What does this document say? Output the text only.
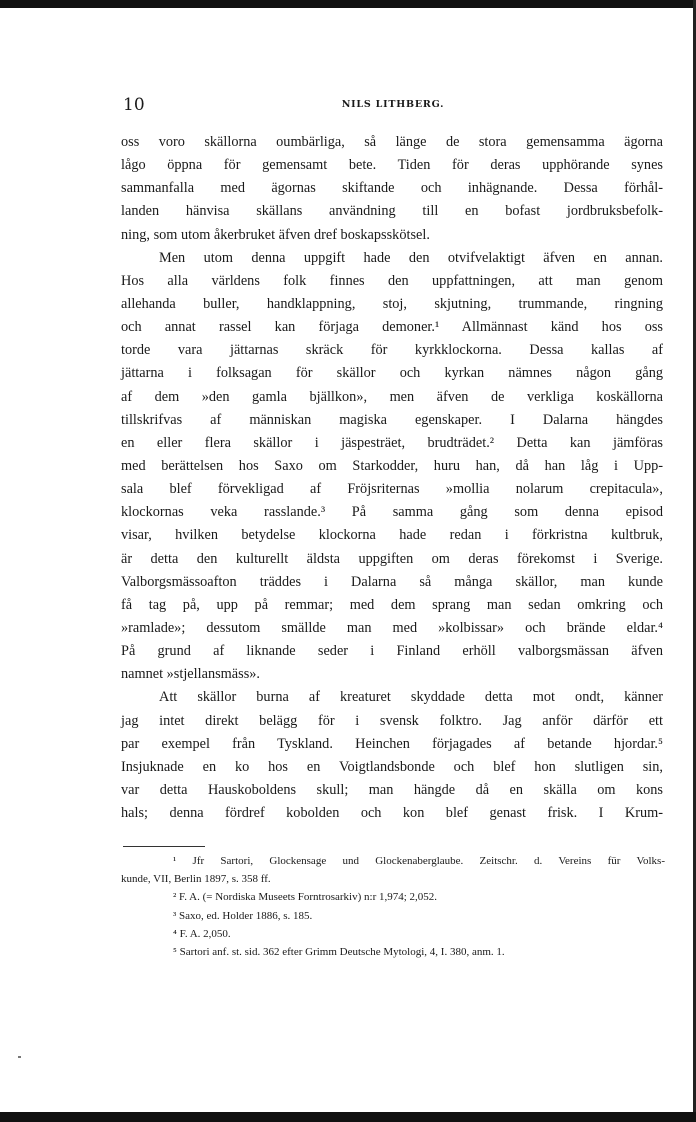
10	NILS LITHBERG.
oss voro skällorna oumbärliga, så länge de stora gemensamma ägorna
lågo öppna för gemensamt bete. Tiden för deras upphörande synes
sammanfalla med ägornas skiftande och inhägnande. Dessa förhål-
landen hänvisa skällans användning till en bofast jordbruksbefolk-
ning, som utom åkerbruket äfven dref boskapsskötsel.
Men utom denna uppgift hade den otvifvelaktigt äfven en annan.
Hos alla världens folk finnes den uppfattningen, att man genom
allehanda buller, handklappning, stoj, skjutning, trummande, ringning
och annat rassel kan förjaga demoner.¹ Allmännast känd hos oss
torde vara jättarnas skräck för kyrkklockorna. Dessa kallas af
jättarna i folksagan för skällor och kyrkan nämnes någon gång
af dem »den gamla bjällkon», men äfven de verkliga koskällorna
tillskrifvas af människan magiska egenskaper. I Dalarna hängdes
en eller flera skällor i jäspesträet, brudträdet.² Detta kan jämföras
med berättelsen hos Saxo om Starkodder, huru han, då han låg i Upp-
sala blef förvekligad af Fröjsriternas »mollia nolarum crepitacula»,
klockornas veka rasslande.³ På samma gång som denna episod
visar, hvilken betydelse klockorna hade redan i förkristna kultbruk,
är detta den kulturellt äldsta uppgiften om deras förekomst i Sverige.
Valborgsmässoafton träddes i Dalarna så många skällor, man kunde
få tag på, upp på remmar; med dem sprang man sedan omkring och
»ramlade»; dessutom smällde man med »kolbissar» och brände eldar.⁴
På grund af liknande seder i Finland erhöll valborgsmässan äfven
namnet »stjellansmäss».
Att skällor burna af kreaturet skyddade detta mot ondt, känner
jag intet direkt belägg för i svensk folktro. Jag anför därför ett
par exempel från Tyskland. Heinchen förjagades af betande hjordar.⁵
Insjuknade en ko hos en Voigtlandsbonde och blef hon slutligen sin,
var detta Hauskoboldens skull; man hängde då en skälla om kons
hals; denna fördref kobolden och kon blef genast frisk. I Krum-
¹ Jfr Sartori, Glockensage und Glockenaberglaube. Zeitschr. d. Vereins für Volks-
kunde, VII, Berlin 1897, s. 358 ff.
² F. A. (= Nordiska Museets Forntrosarkiv) n:r 1,974; 2,052.
³ Saxo, ed. Holder 1886, s. 185.
⁴ F. A. 2,050.
⁵ Sartori anf. st. sid. 362 efter Grimm Deutsche Mytologi, 4, I. 380, anm. 1.
